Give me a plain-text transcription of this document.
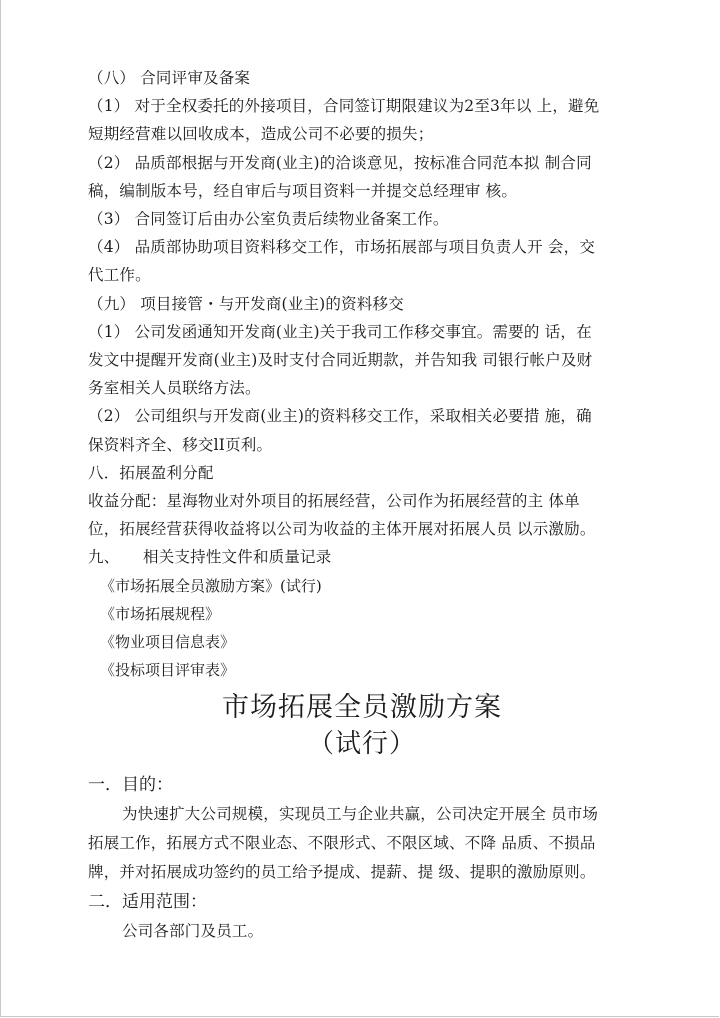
（八） 合同评审及备案
（1） 对于全权委托的外接项目，合同签订期限建议为2至3年以 上，避免
短期经营难以回收成本，造成公司不必要的损失；
（2） 品质部根据与开发商(业主)的洽谈意见，按标准合同范本拟 制合同
稿，编制版本号，经自审后与项目资料一并提交总经理审 核。
（3） 合同签订后由办公室负责后续物业备案工作。
（4） 品质部协助项目资料移交工作，市场拓展部与项目负责人开 会，交
代工作。
（九） 项目接管・与开发商(业主)的资料移交
（1） 公司发函通知开发商(业主)关于我司工作移交事宜。需要的 话，在
发文中提醒开发商(业主)及时支付合同近期款，并告知我 司银行帐户及财
务室相关人员联络方法。
（2） 公司组织与开发商(业主)的资料移交工作，采取相关必要措 施，确
保资料齐全、移交lI页利。
八．拓展盈利分配
收益分配：星海物业对外项目的拓展经营，公司作为拓展经营的主 体单
位，拓展经营获得收益将以公司为收益的主体开展对拓展人员 以示激励。
九、　　相关支持性文件和质量记录
《市场拓展全员激励方案》(试行)
《市场拓展规程》
《物业项目信息表》
《投标项目评审表》
市场拓展全员激励方案
（试行）
一．目的：
为快速扩大公司规模，实现员工与企业共赢，公司决定开展全 员市场
拓展工作，拓展方式不限业态、不限形式、不限区域、不降 品质、不损品
牌，并对拓展成功签约的员工给予提成、提薪、提 级、提职的激励原则。
二．适用范围：
公司各部门及员工。
